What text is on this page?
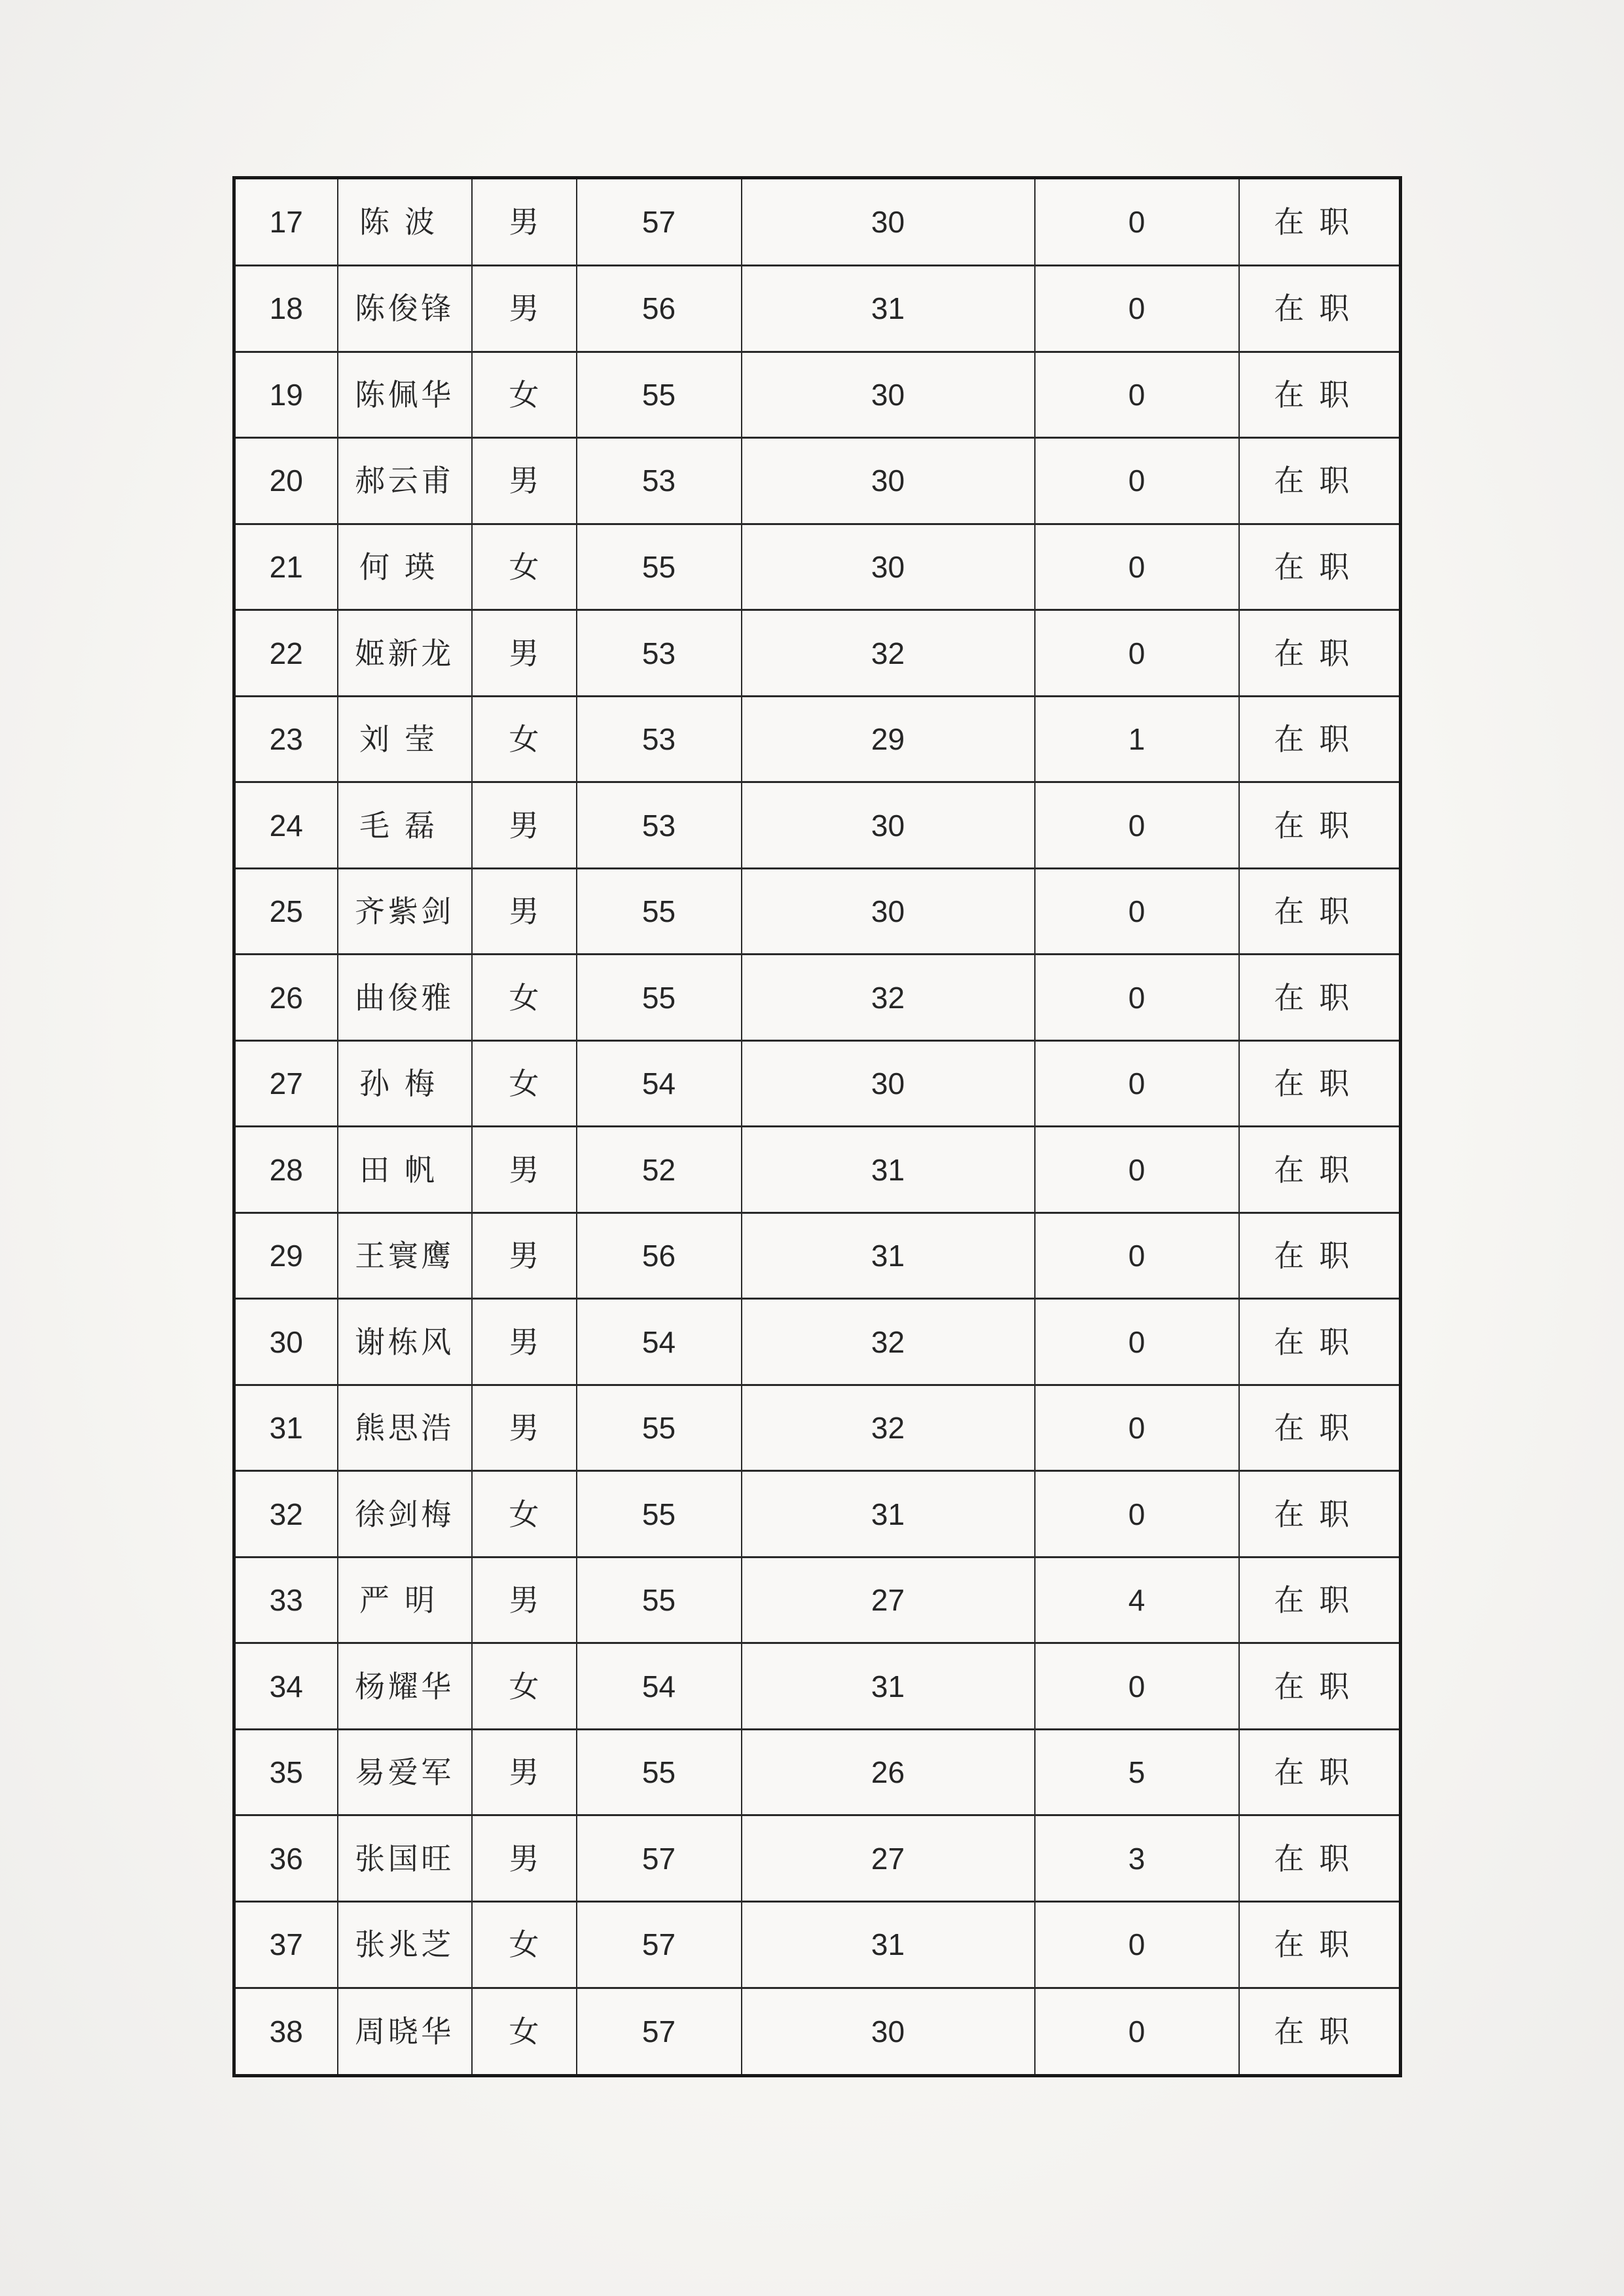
17	陈波	男	57	30	0	在职
18	陈俊锋	男	56	31	0	在职
19	陈佩华	女	55	30	0	在职
20	郝云甫	男	53	30	0	在职
21	何瑛	女	55	30	0	在职
22	姬新龙	男	53	32	0	在职
23	刘莹	女	53	29	1	在职
24	毛磊	男	53	30	0	在职
25	齐紫剑	男	55	30	0	在职
26	曲俊雅	女	55	32	0	在职
27	孙梅	女	54	30	0	在职
28	田帆	男	52	31	0	在职
29	王寰鹰	男	56	31	0	在职
30	谢栋风	男	54	32	0	在职
31	熊思浩	男	55	32	0	在职
32	徐剑梅	女	55	31	0	在职
33	严明	男	55	27	4	在职
34	杨耀华	女	54	31	0	在职
35	易爱军	男	55	26	5	在职
36	张国旺	男	57	27	3	在职
37	张兆芝	女	57	31	0	在职
38	周晓华	女	57	30	0	在职
